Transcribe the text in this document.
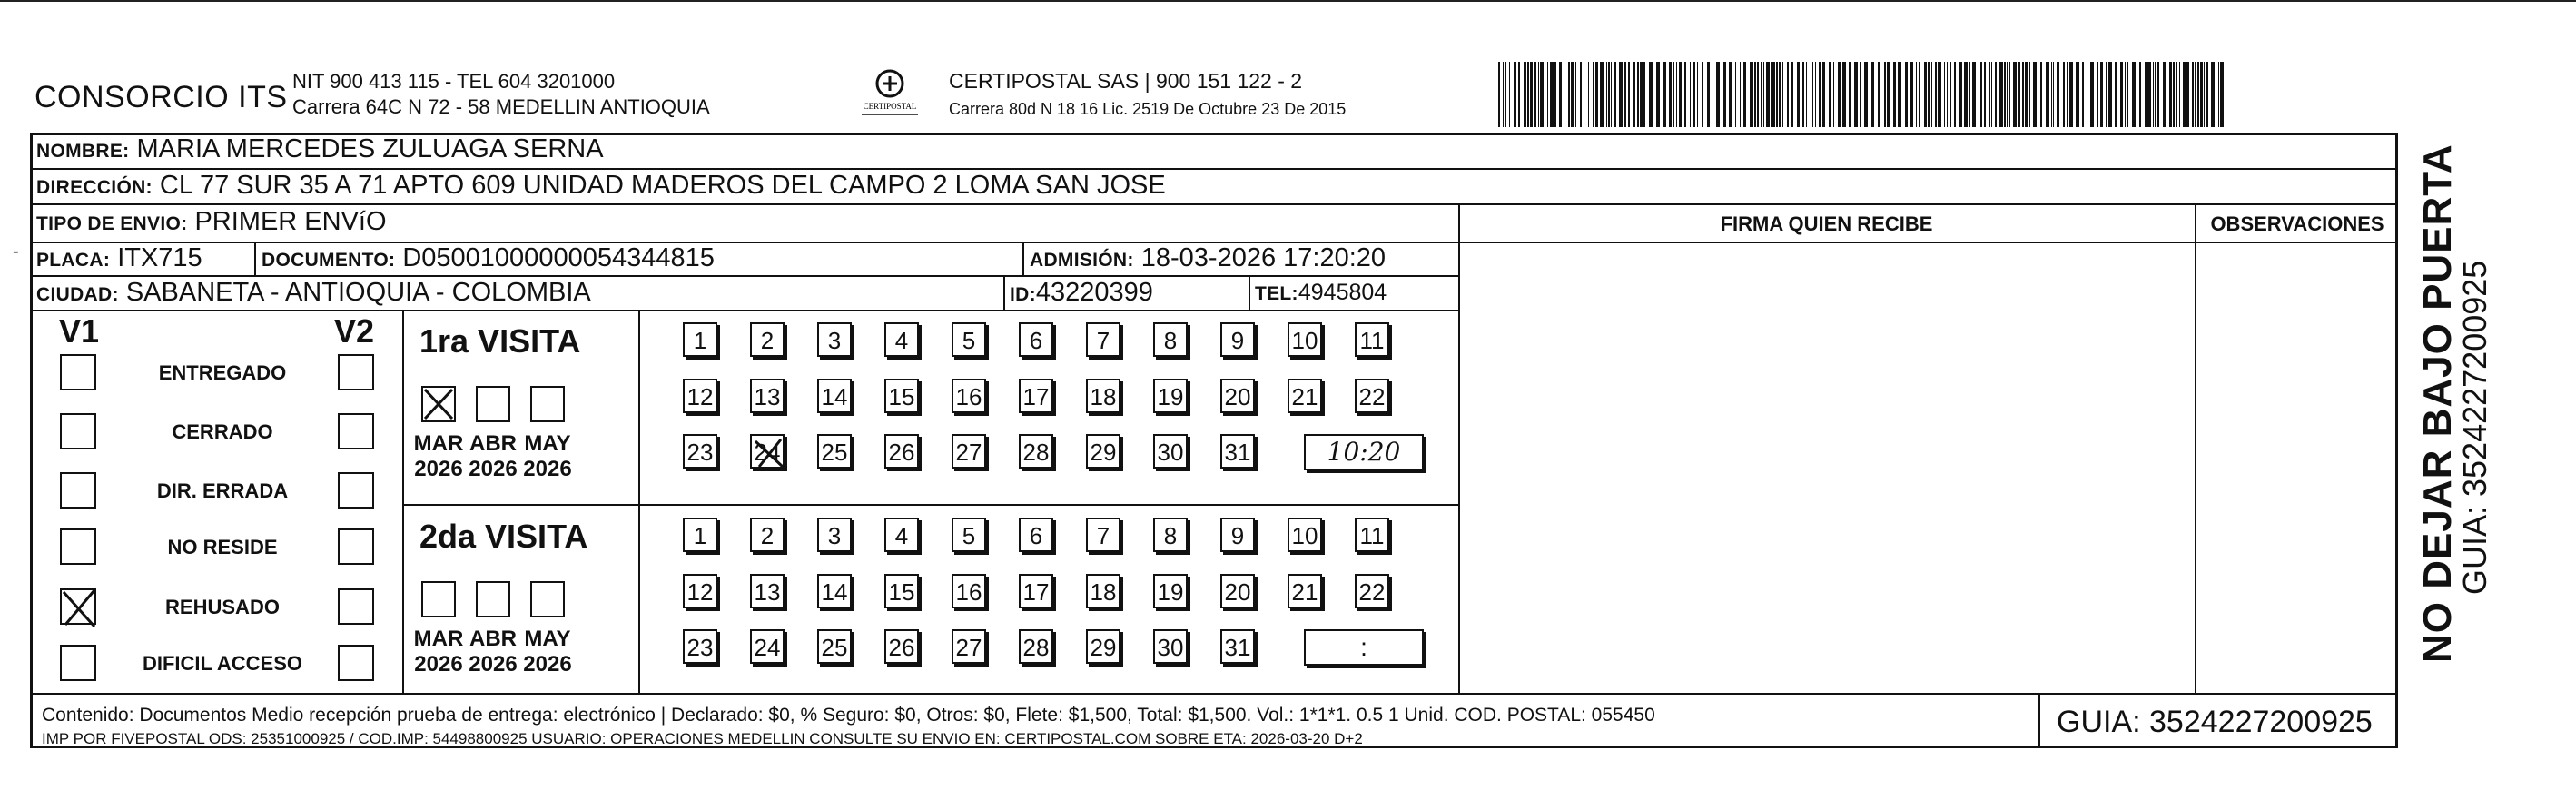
CONSORCIO ITS NIT 900 413 115 - TEL 604 3201000
Carrera 64C N 72 - 58 MEDELLIN ANTIOQUIA	CERTIPOSTAL
CERTIPOSTAL SAS | 900 151 122 - 2
Carrera 80d N 18 16 Lic. 2519 De Octubre 23 De 2015
NOMBRE: MARIA MERCEDES ZULUAGA SERNA
DIRECCIÓN: CL 77 SUR 35 A 71 APTO 609 UNIDAD MADEROS DEL CAMPO 2 LOMA SAN JOSE
TIPO DE ENVIO: PRIMER ENVíO	FIRMA QUIEN RECIBE	OBSERVACIONES
PLACA: ITX715	DOCUMENTO: D05001000000054344815	ADMISIÓN: 18-03-2026 17:20:20
CIUDAD: SABANETA - ANTIOQUIA - COLOMBIA	ID:43220399	TEL:4945804
V1	V2
ENTREGADO
CERRADO
DIR. ERRADA
NO RESIDE
REHUSADO
DIFICIL ACCESO
1ra VISITA
MAR
2026
ABR
2026
MAY
2026
1	2	3	4	5	6	7	8	9	10 11
12 13 14 15 16 17 18 19 20 21 22
23 24 25 26 27 28 29 30 31	10:20
2da VISITA
MAR
2026
ABR
2026
MAY
2026
1	2	3	4	5	6	7	8	9	10 11
12 13 14 15 16 17 18 19 20 21 22
23 24 25 26 27 28 29 30 31	:
Contenido: Documentos Medio recepción prueba de entrega: electrónico | Declarado: $0, % Seguro: $0, Otros: $0, Flete: $1,500, Total: $1,500. Vol.: 1*1*1. 0.5 1 Unid. COD. POSTAL: 055450
IMP POR FIVEPOSTAL ODS: 25351000925 / COD.IMP: 54498800925 USUARIO: OPERACIONES MEDELLIN CONSULTE SU ENVIO EN: CERTIPOSTAL.COM SOBRE ETA: 2026-03-20 D+2	GUIA: 3524227200925
NO DEJAR BAJO PUERTA
GUIA: 3524227200925
-
